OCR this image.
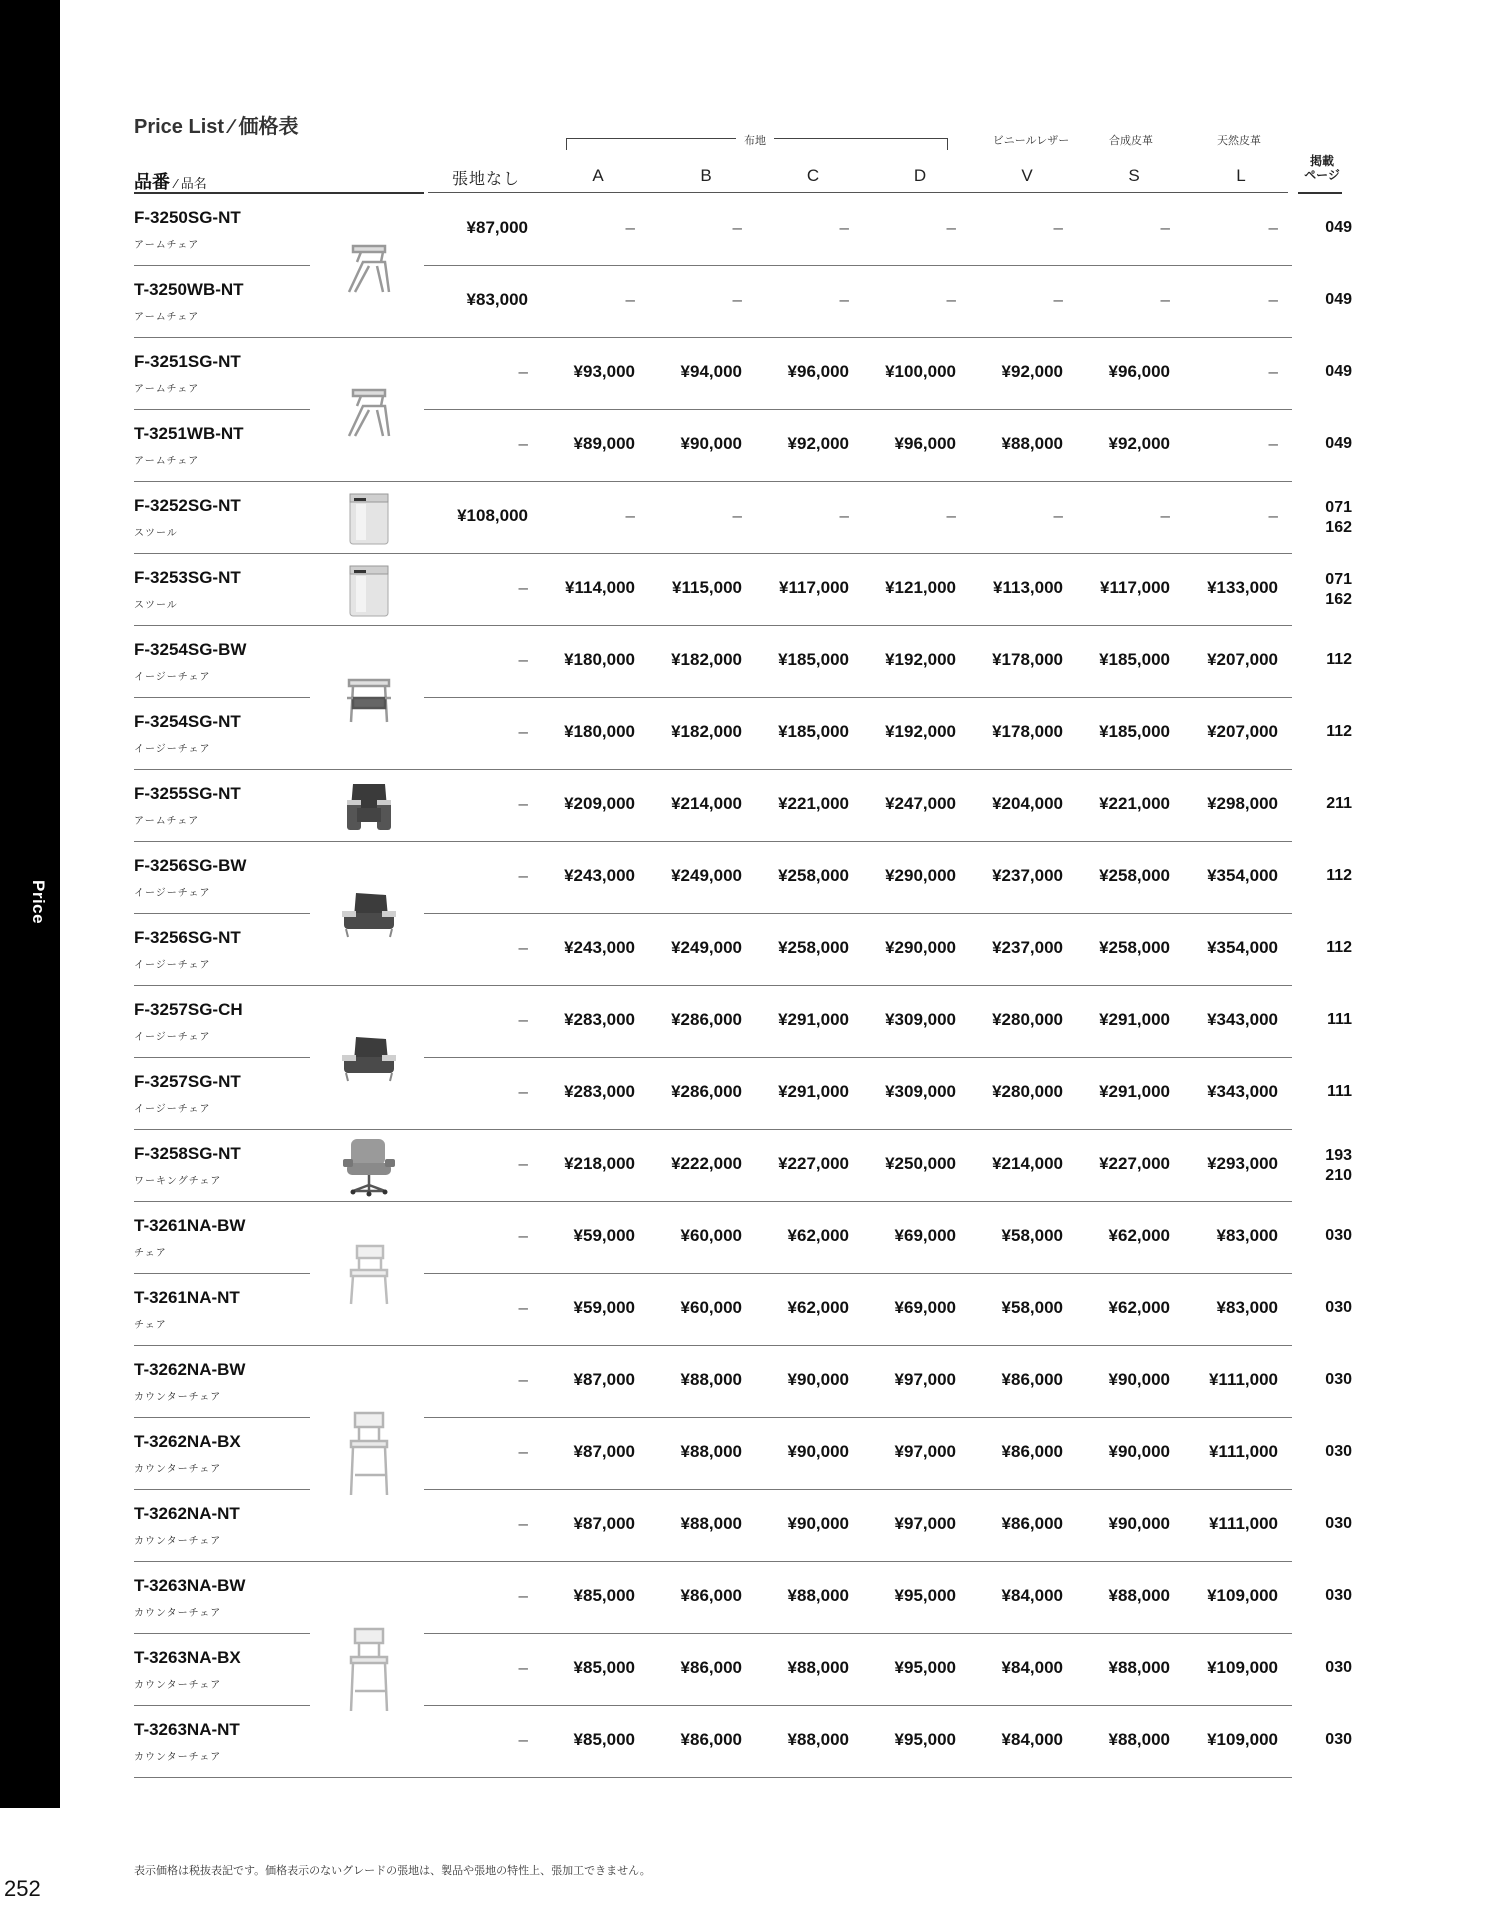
Price
252
Price List ∕ 価格表
品番 ∕ 品名
布地	ビニールレザー	合成皮革	天然皮革
張地なし	A	B	C	D	V	S	L
掲載
ページ
F-3250SG-NT
アームチェア
¥87,000	–	–	–	–	–	–	–	049
T-3250WB-NT
アームチェア
¥83,000	–	–	–	–	–	–	–	049
F-3251SG-NT
アームチェア
–	¥93,000	¥94,000	¥96,000	¥100,000	¥92,000	¥96,000	–	049
T-3251WB-NT
アームチェア
–	¥89,000	¥90,000	¥92,000	¥96,000	¥88,000	¥92,000	–	049
F-3252SG-NT
スツール
¥108,000	–	–	–	–	–	–	–	071
162
F-3253SG-NT
スツール
–	¥114,000	¥115,000	¥117,000	¥121,000	¥113,000	¥117,000	¥133,000	071
162
F-3254SG-BW
イージーチェア
–	¥180,000	¥182,000	¥185,000	¥192,000	¥178,000	¥185,000	¥207,000	112
F-3254SG-NT
イージーチェア
–	¥180,000	¥182,000	¥185,000	¥192,000	¥178,000	¥185,000	¥207,000	112
F-3255SG-NT
アームチェア
–	¥209,000	¥214,000	¥221,000	¥247,000	¥204,000	¥221,000	¥298,000	211
F-3256SG-BW
イージーチェア
–	¥243,000	¥249,000	¥258,000	¥290,000	¥237,000	¥258,000	¥354,000	112
F-3256SG-NT
イージーチェア
–	¥243,000	¥249,000	¥258,000	¥290,000	¥237,000	¥258,000	¥354,000	112
F-3257SG-CH
イージーチェア
–	¥283,000	¥286,000	¥291,000	¥309,000	¥280,000	¥291,000	¥343,000	111
F-3257SG-NT
イージーチェア
–	¥283,000	¥286,000	¥291,000	¥309,000	¥280,000	¥291,000	¥343,000	111
F-3258SG-NT
ワーキングチェア
–	¥218,000	¥222,000	¥227,000	¥250,000	¥214,000	¥227,000	¥293,000	193
210
T-3261NA-BW
チェア
–	¥59,000	¥60,000	¥62,000	¥69,000	¥58,000	¥62,000	¥83,000	030
T-3261NA-NT
チェア
–	¥59,000	¥60,000	¥62,000	¥69,000	¥58,000	¥62,000	¥83,000	030
T-3262NA-BW
カウンターチェア
–	¥87,000	¥88,000	¥90,000	¥97,000	¥86,000	¥90,000	¥111,000	030
T-3262NA-BX
カウンターチェア
–	¥87,000	¥88,000	¥90,000	¥97,000	¥86,000	¥90,000	¥111,000	030
T-3262NA-NT
カウンターチェア
–	¥87,000	¥88,000	¥90,000	¥97,000	¥86,000	¥90,000	¥111,000	030
T-3263NA-BW
カウンターチェア
–	¥85,000	¥86,000	¥88,000	¥95,000	¥84,000	¥88,000	¥109,000	030
T-3263NA-BX
カウンターチェア
–	¥85,000	¥86,000	¥88,000	¥95,000	¥84,000	¥88,000	¥109,000	030
T-3263NA-NT
カウンターチェア
–	¥85,000	¥86,000	¥88,000	¥95,000	¥84,000	¥88,000	¥109,000	030
表示価格は税抜表記です。価格表示のないグレードの張地は、製品や張地の特性上、張加工できません。
